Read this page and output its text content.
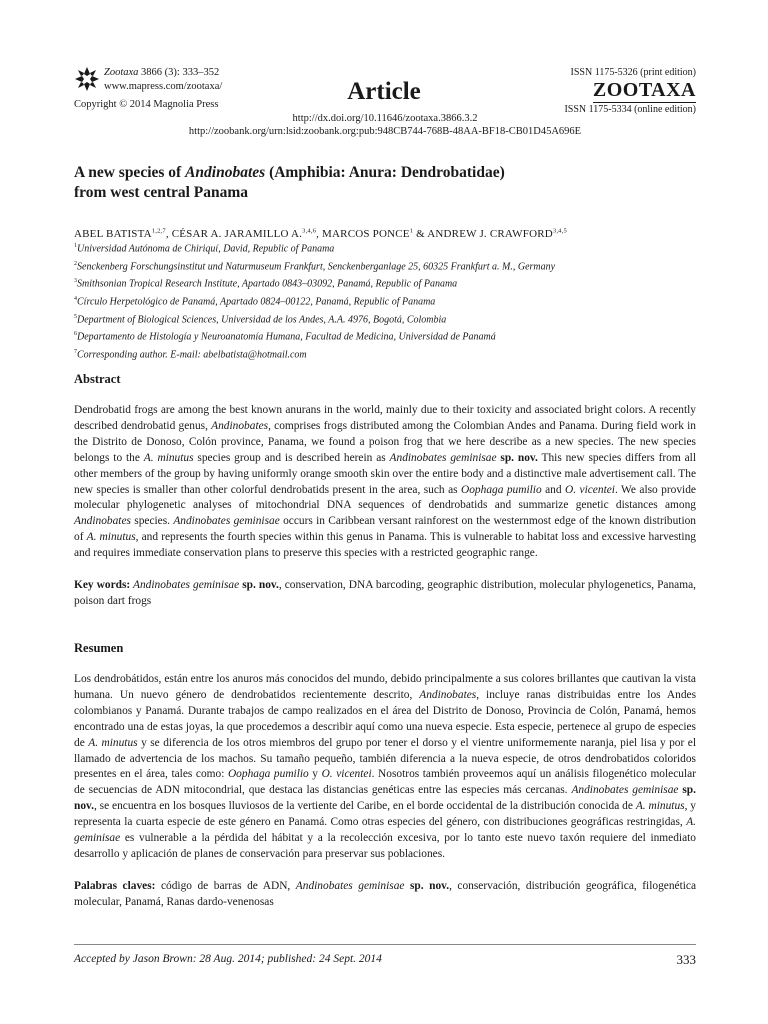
Zootaxa 3866 (3): 333–352
www.mapress.com/zootaxa/
Copyright © 2014 Magnolia Press	Article
ISSN 1175-5326 (print edition)
ZOOTAXA
ISSN 1175-5334 (online edition)
http://dx.doi.org/10.11646/zootaxa.3866.3.2
http://zoobank.org/urn:lsid:zoobank.org:pub:948CB744-768B-48AA-BF18-CB01D45A696E
A new species of Andinobates (Amphibia: Anura: Dendrobatidae)
from west central Panama
ABEL BATISTA$^{1,2,7}$, CÉSAR A. JARAMILLO A.$^{3,4,6}$, MARCOS PONCE$^1$ & ANDREW J. CRAWFORD$^{3,4,5}$
$^1$Universidad Autónoma de Chiriquí, David, Republic of Panama
$^2$Senckenberg Forschungsinstitut und Naturmuseum Frankfurt, Senckenberganlage 25, 60325 Frankfurt a. M., Germany
$^3$Smithsonian Tropical Research Institute, Apartado 0843–03092, Panamá, Republic of Panama
$^4$Círculo Herpetológico de Panamá, Apartado 0824–00122, Panamá, Republic of Panama
$^5$Department of Biological Sciences, Universidad de los Andes, A.A. 4976, Bogotá, Colombia
$^6$Departamento de Histología y Neuroanatomía Humana, Facultad de Medicina, Universidad de Panamá
$^7$Corresponding author. E-mail: abelbatista@hotmail.com
Abstract
Dendrobatid frogs are among the best known anurans in the world, mainly due to their toxicity and associated bright colors. A recently described dendrobatid genus, Andinobates, comprises frogs distributed among the Colombian Andes and Panama. During field work in the Distrito de Donoso, Colón province, Panama, we found a poison frog that we here describe as a new species. The new species belongs to the A. minutus species group and is described herein as Andinobates geminisae sp. nov. This new species differs from all other members of the group by having uniformly orange smooth skin over the entire body and a distinctive male advertisement call. The new species is smaller than other colorful dendrobatids present in the area, such as Oophaga pumilio and O. vicentei. We also provide molecular phylogenetic analyses of mitochondrial DNA sequences of dendrobatids and summarize genetic distances among Andinobates species. Andinobates geminisae occurs in Caribbean versant rainforest on the westernmost edge of the known distribution of A. minutus, and represents the fourth species within this genus in Panama. This is vulnerable to habitat loss and excessive harvesting and requires immediate conservation plans to preserve this species with a restricted geographic range.
Key words: Andinobates geminisae sp. nov., conservation, DNA barcoding, geographic distribution, molecular phylogenetics, Panama, poison dart frogs
Resumen
Los dendrobátidos, están entre los anuros más conocidos del mundo, debido principalmente a sus colores brillantes que cautivan la vista humana. Un nuevo género de dendrobatidos recientemente descrito, Andinobates, incluye ranas distribuidas entre los Andes colombianos y Panamá. Durante trabajos de campo realizados en el área del Distrito de Donoso, Provincia de Colón, Panamá, hemos encontrado una de estas joyas, la que procedemos a describir aquí como una nueva especie. Esta especie, pertenece al grupo de especies de A. minutus y se diferencia de los otros miembros del grupo por tener el dorso y el vientre uniformemente naranja, piel lisa y por el llamado de advertencia de los machos. Su tamaño pequeño, también diferencia a la nueva especie, de otros dendrobatidos coloridos presentes en el área, tales como: Oophaga pumilio y O. vicentei. Nosotros también proveemos aquí un análisis filogenético molecular de secuencias de ADN mitocondrial, que destaca las distancias genéticas entre las especies más cercanas. Andinobates geminisae sp. nov., se encuentra en los bosques lluviosos de la vertiente del Caribe, en el borde occidental de la distribución conocida de A. minutus, y representa la cuarta especie de este género en Panamá. Como otras especies del género, con distribuciones geográficas restringidas, A. geminisae es vulnerable a la pérdida del hábitat y a la recolección excesiva, por lo tanto este nuevo taxón requiere del inmediato desarrollo y aplicación de planes de conservación para preservar sus poblaciones.
Palabras claves: código de barras de ADN, Andinobates geminisae sp. nov., conservación, distribución geográfica, filogenética molecular, Panamá, Ranas dardo-venenosas
Accepted by Jason Brown: 28 Aug. 2014; published: 24 Sept. 2014	333
